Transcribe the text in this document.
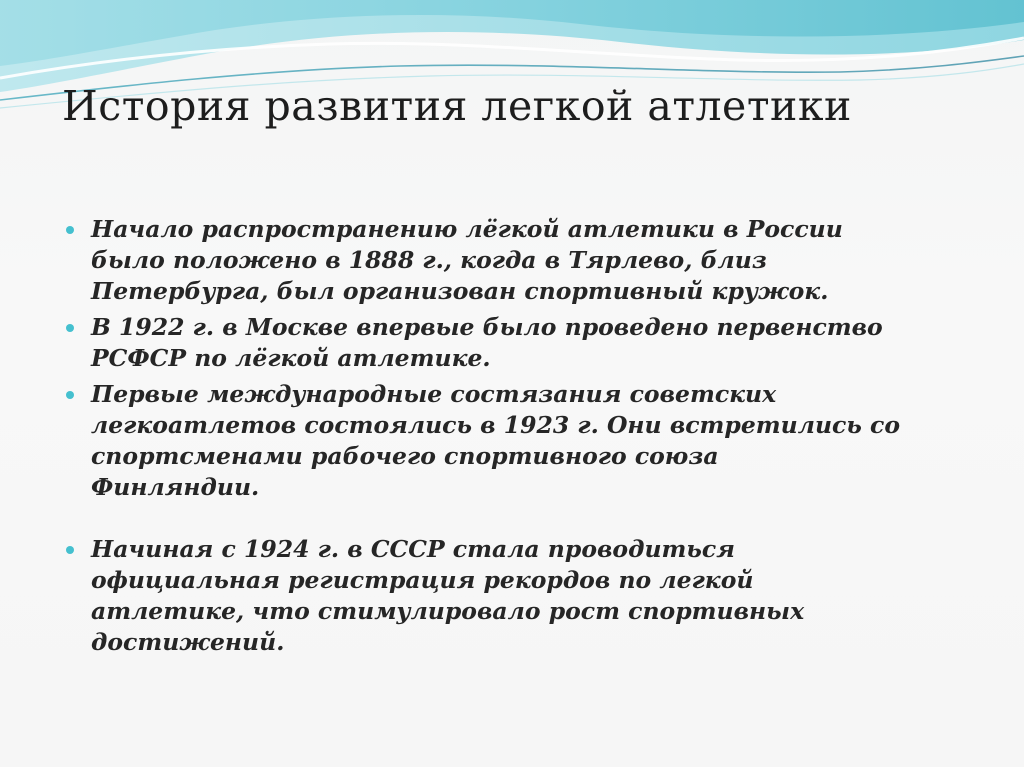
История развития легкой атлетики
Начало распространению лёгкой атлетики в России
было положено в 1888 г., когда в Тярлево, близ
Петербурга, был организован спортивный кружок.
В 1922 г. в Москве впервые было проведено первенство
РСФСР по лёгкой атлетике.
Первые международные состязания советских
легкоатлетов состоялись в 1923 г. Они встретились со
спортсменами рабочего спортивного союза
Финляндии.
Начиная с 1924 г. в СССР стала проводиться
официальная регистрация рекордов по легкой
атлетике, что стимулировало рост спортивных
достижений.
